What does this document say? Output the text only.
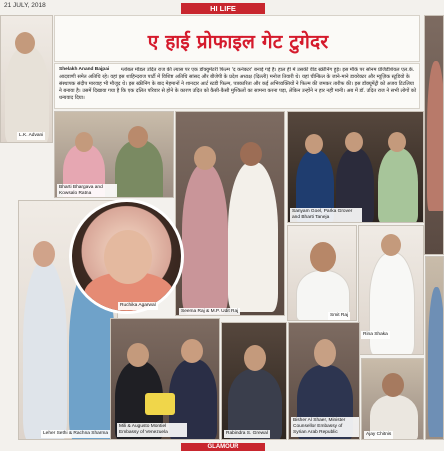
21 JULY, 2018	HI LIFE
L.K. Advani
ए हाई प्रोफाइल गेट टुगेदर
Shelakh Anand Bajpai	ग्लोबल मॉडल उदित राज की ल्यास पर एक डॉक्युमेंटरी फिल्म 'द कनेक्टर' बनाई गई है। हाल ही में उसकी वीड स्क्रीनिंग हुई। इस मौके पर सोनम प्रेजिडेंशियल एल.के. आदवाणी समेत अतिथि रहे। वहां इस शाहिन्दराज पार्टी में विशिष्ट अतिथि सांसद और बीजेपी के प्रदेश अध्यक्ष (दिल्ली) मनोज तिवारी थे। यहां चीन्फ़िल के जाने-माने डायरेक्टर और म्यूज़िक स्टूडियो के संस्थापक संदीप मारवाह भी मौजूद थे। इस स्क्रीनिंग के बाद मेहमानों ने शानदार आर्ट स्टडी फिल्म, पत्रकारिता और कई अभिव्यक्तियों ने फिल्म की जमकर तारीफ की। इस डॉक्यूमेंट्री को अजय टिटलिया ने बनाया है। उसमें दिखाया गया है कि एक दलित परिवार से होने के कारण उदित को कैसी-कैसी मुश्किलों का सामना करना पड़ा, लेकिन उन्होंने न हार नहीं मानी। अब में डॉ. उदित राज ने सभी लोगों को धन्यवाद दिया।

Bharti Bhargava and Kowsalo Ratna
Seema Raj & M.P. Udit Raj
Sanyam Goel, Parka Grover and Bharti Taneja
Leher Sethi & Rachna Sharma
Ruchika Agarwal
Smit Raj
Rina Shaka
Mili & Augusto Montiel Embassy of Venezuela	Rabindra S. Grewal
Bisher Al Shaer, Minister Counsellor Embassy of Syrian Arab Republic	Ajay Chitnis
GLAMOUR
